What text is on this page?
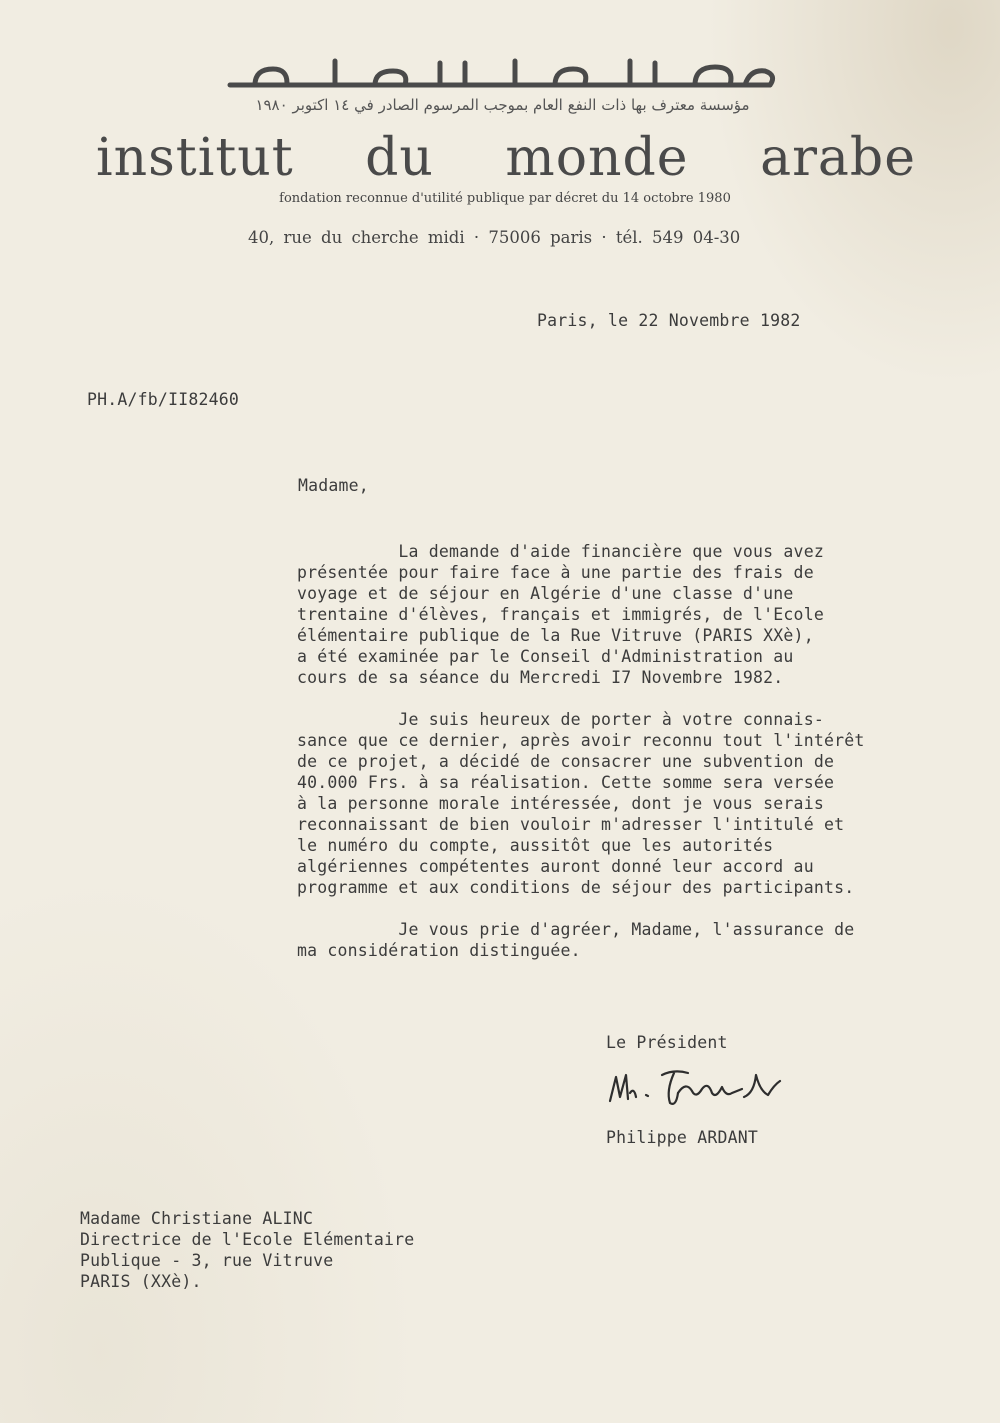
معهد العالم العربي
مؤسسة معترف بها ذات النفع العام بموجب المرسوم الصادر في ١٤ اكتوبر ١٩٨٠
institut du monde arabe
fondation reconnue d'utilité publique par décret du 14 octobre 1980
40, rue du cherche midi · 75006 paris · tél. 549 04-30
Paris, le 22 Novembre 1982
PH.A/fb/II82460
Madame,
La demande d'aide financière que vous avez
présentée pour faire face à une partie des frais de
voyage et de séjour en Algérie d'une classe d'une
trentaine d'élèves, français et immigrés, de l'Ecole
élémentaire publique de la Rue Vitruve (PARIS XXè),
a été examinée par le Conseil d'Administration au
cours de sa séance du Mercredi I7 Novembre 1982.
Je suis heureux de porter à votre connais-
sance que ce dernier, après avoir reconnu tout l'intérêt
de ce projet, a décidé de consacrer une subvention de
40.000 Frs. à sa réalisation. Cette somme sera versée
à la personne morale intéressée, dont je vous serais
reconnaissant de bien vouloir m'adresser l'intitulé et
le numéro du compte, aussitôt que les autorités
algériennes compétentes auront donné leur accord au
programme et aux conditions de séjour des participants.
Je vous prie d'agréer, Madame, l'assurance de
ma considération distinguée.
Le Président
Philippe ARDANT
Madame Christiane ALINC
Directrice de l'Ecole Elémentaire
Publique - 3, rue Vitruve
PARIS (XXè).
